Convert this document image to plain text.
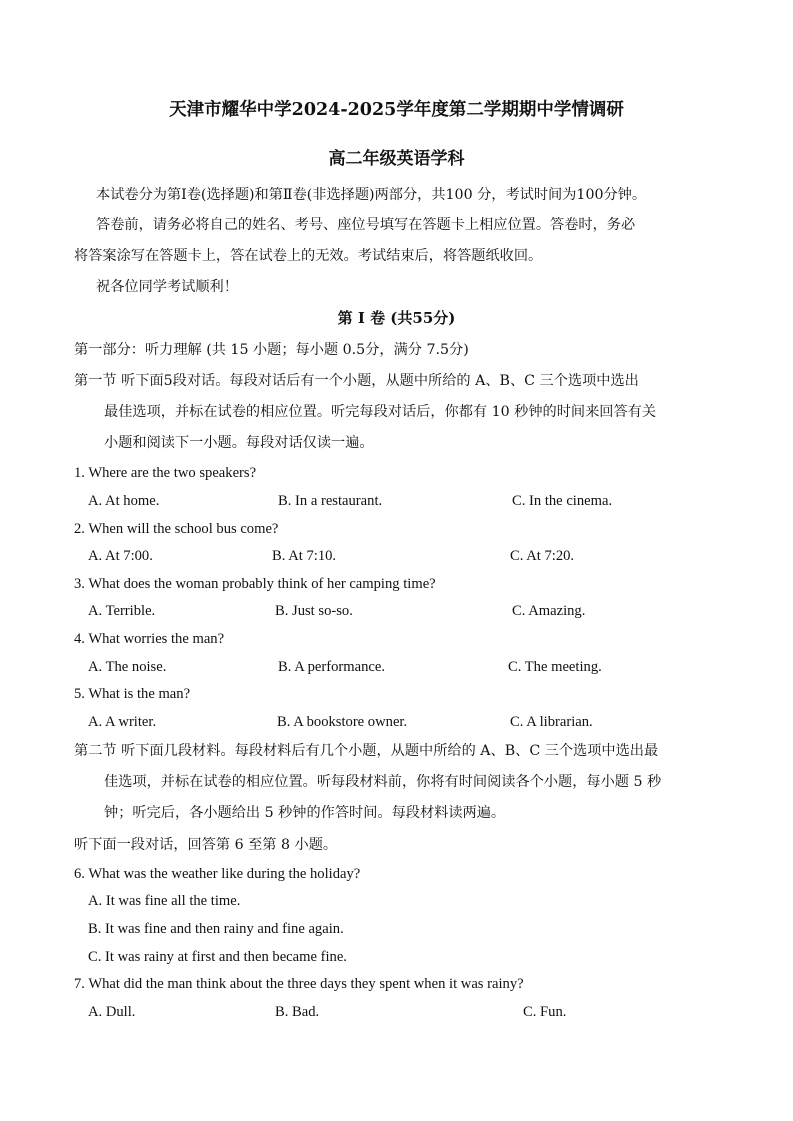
天津市耀华中学2024-2025学年度第二学期期中学情调研
高二年级英语学科
本试卷分为第Ⅰ卷(选择题)和第Ⅱ卷(非选择题)两部分，共100 分，考试时间为100分钟。
答卷前，请务必将自己的姓名、考号、座位号填写在答题卡上相应位置。答卷时，务必
将答案涂写在答题卡上，答在试卷上的无效。考试结束后，将答题纸收回。
祝各位同学考试顺利！
第 Ⅰ 卷 (共55分)
第一部分：听力理解 (共 15 小题；每小题 0.5分，满分 7.5分)
第一节 听下面5段对话。每段对话后有一个小题，从题中所给的 A、B、C 三个选项中选出
最佳选项，并标在试卷的相应位置。听完每段对话后，你都有 10 秒钟的时间来回答有关
小题和阅读下一小题。每段对话仅读一遍。
1. Where are the two speakers?
A. At home.	B. In a restaurant.	C. In the cinema.
2. When will the school bus come?
A. At 7:00.	B. At 7:10.	C. At 7:20.
3. What does the woman probably think of her camping time?
A. Terrible.	B. Just so-so.	C. Amazing.
4. What worries the man?
A. The noise.	B. A performance.	C. The meeting.
5. What is the man?
A. A writer.	B. A bookstore owner.	C. A librarian.
第二节 听下面几段材料。每段材料后有几个小题，从题中所给的 A、B、C 三个选项中选出最
佳选项，并标在试卷的相应位置。听每段材料前，你将有时间阅读各个小题，每小题 5 秒
钟；听完后，各小题给出 5 秒钟的作答时间。每段材料读两遍。
听下面一段对话，回答第 6 至第 8 小题。
6. What was the weather like during the holiday?
A. It was fine all the time.
B. It was fine and then rainy and fine again.
C. It was rainy at first and then became fine.
7. What did the man think about the three days they spent when it was rainy?
A. Dull.	B. Bad.	C. Fun.
